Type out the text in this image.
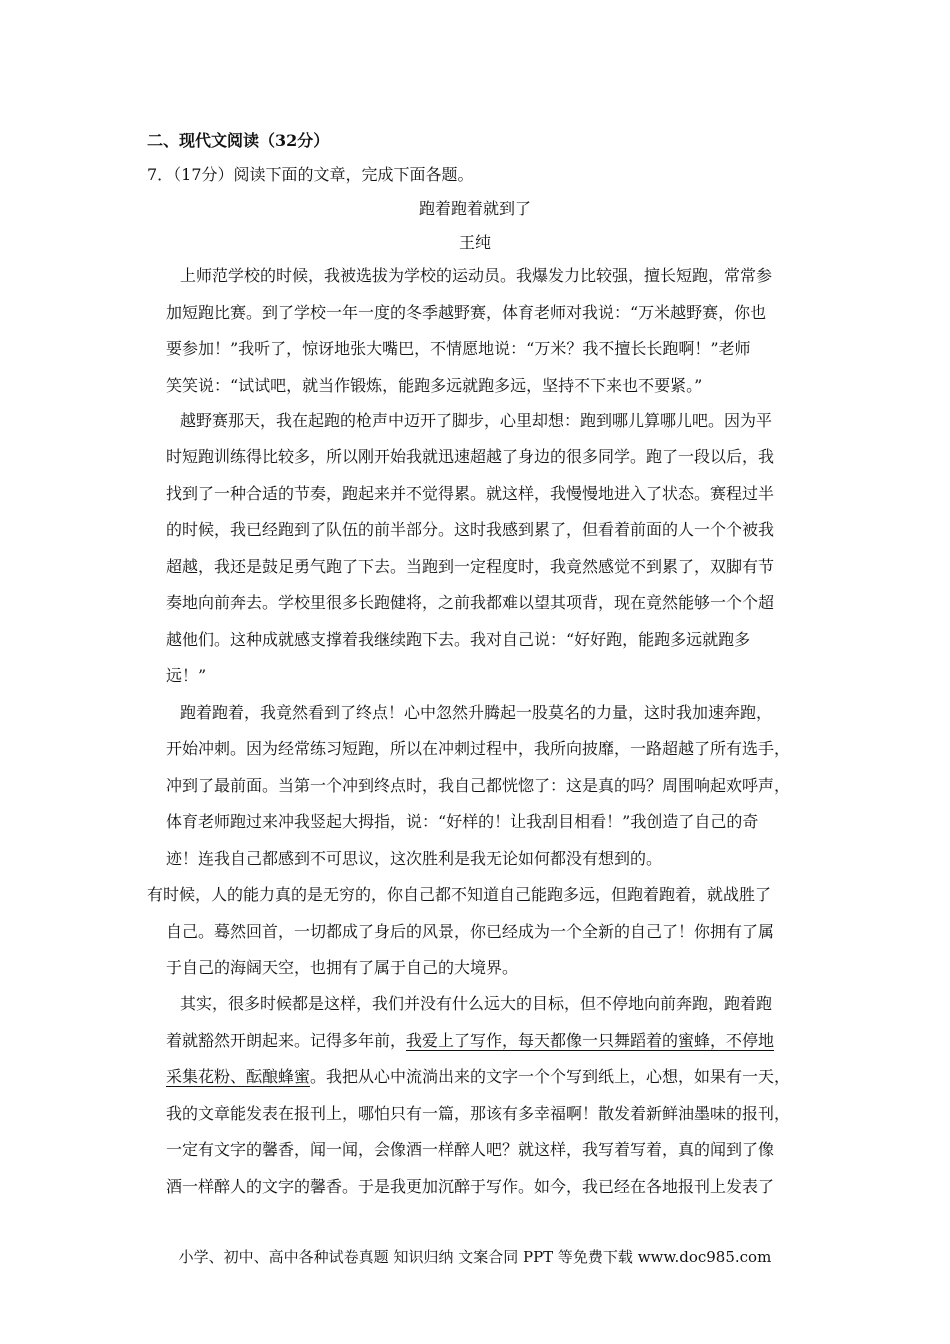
二、现代文阅读（32分）
7．（17分）阅读下面的文章，完成下面各题。
跑着跑着就到了
王纯
上师范学校的时候，我被选拔为学校的运动员。我爆发力比较强，擅长短跑，常常参
加短跑比赛。到了学校一年一度的冬季越野赛，体育老师对我说：“万米越野赛，你也
要参加！”我听了，惊讶地张大嘴巴，不情愿地说：“万米？我不擅长长跑啊！”老师
笑笑说：“试试吧，就当作锻炼，能跑多远就跑多远，坚持不下来也不要紧。”
越野赛那天，我在起跑的枪声中迈开了脚步，心里却想：跑到哪儿算哪儿吧。因为平
时短跑训练得比较多，所以刚开始我就迅速超越了身边的很多同学。跑了一段以后，我
找到了一种合适的节奏，跑起来并不觉得累。就这样，我慢慢地进入了状态。赛程过半
的时候，我已经跑到了队伍的前半部分。这时我感到累了，但看着前面的人一个个被我
超越，我还是鼓足勇气跑了下去。当跑到一定程度时，我竟然感觉不到累了，双脚有节
奏地向前奔去。学校里很多长跑健将，之前我都难以望其项背，现在竟然能够一个个超
越他们。这种成就感支撑着我继续跑下去。我对自己说：“好好跑，能跑多远就跑多
远！”
跑着跑着，我竟然看到了终点！心中忽然升腾起一股莫名的力量，这时我加速奔跑，
开始冲刺。因为经常练习短跑，所以在冲刺过程中，我所向披靡，一路超越了所有选手，
冲到了最前面。当第一个冲到终点时，我自己都恍惚了：这是真的吗？周围响起欢呼声，
体育老师跑过来冲我竖起大拇指，说：“好样的！让我刮目相看！”我创造了自己的奇
迹！连我自己都感到不可思议，这次胜利是我无论如何都没有想到的。
有时候，人的能力真的是无穷的，你自己都不知道自己能跑多远，但跑着跑着，就战胜了
自己。蓦然回首，一切都成了身后的风景，你已经成为一个全新的自己了！你拥有了属
于自己的海阔天空，也拥有了属于自己的大境界。
其实，很多时候都是这样，我们并没有什么远大的目标，但不停地向前奔跑，跑着跑
着就豁然开朗起来。记得多年前，我爱上了写作，每天都像一只舞蹈着的蜜蜂，不停地
采集花粉、酝酿蜂蜜。我把从心中流淌出来的文字一个个写到纸上，心想，如果有一天，
我的文章能发表在报刊上，哪怕只有一篇，那该有多幸福啊！散发着新鲜油墨味的报刊，
一定有文字的馨香，闻一闻，会像酒一样醉人吧？就这样，我写着写着，真的闻到了像
酒一样醉人的文字的馨香。于是我更加沉醉于写作。如今，我已经在各地报刊上发表了
小学、初中、高中各种试卷真题 知识归纳 文案合同 PPT 等免费下载 www.doc985.com
